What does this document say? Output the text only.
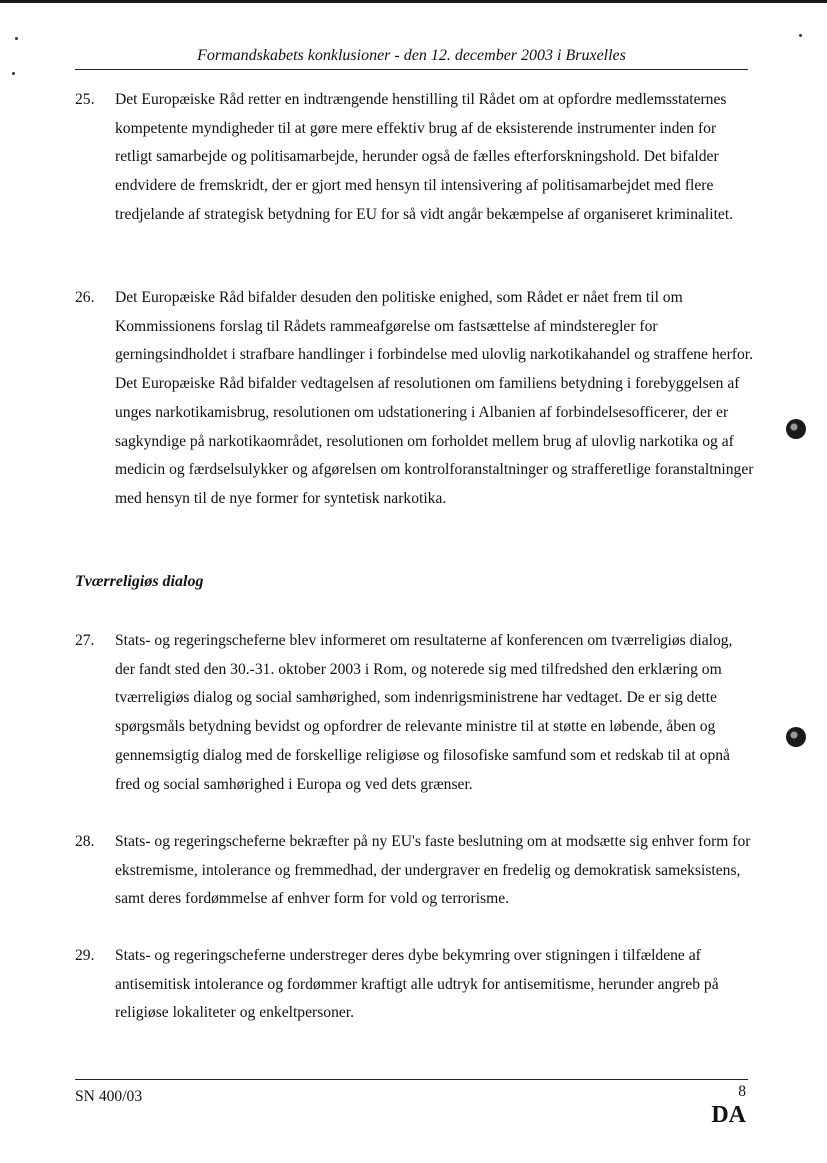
Formandskabets konklusioner - den 12. december 2003 i Bruxelles
25.	Det Europæiske Råd retter en indtrængende henstilling til Rådet om at opfordre medlemsstaternes kompetente myndigheder til at gøre mere effektiv brug af de eksisterende instrumenter inden for retligt samarbejde og politisamarbejde, herunder også de fælles efterforskningshold. Det bifalder endvidere de fremskridt, der er gjort med hensyn til intensivering af politisamarbejdet med flere tredjelande af strategisk betydning for EU for så vidt angår bekæmpelse af organiseret kriminalitet.
26.	Det Europæiske Råd bifalder desuden den politiske enighed, som Rådet er nået frem til om Kommissionens forslag til Rådets rammeafgørelse om fastsættelse af mindsteregler for gerningsindholdet i strafbare handlinger i forbindelse med ulovlig narkotikahandel og straffene herfor. Det Europæiske Råd bifalder vedtagelsen af resolutionen om familiens betydning i forebyggelsen af unges narkotikamisbrug, resolutionen om udstationering i Albanien af forbindelsesofficerer, der er sagkyndige på narkotikaområdet, resolutionen om forholdet mellem brug af ulovlig narkotika og af medicin og færdselsulykker og afgørelsen om kontrolforanstaltninger og strafferetlige foranstaltninger med hensyn til de nye former for syntetisk narkotika.
Tværreligiøs dialog
27.	Stats- og regeringscheferne blev informeret om resultaterne af konferencen om tværreligiøs dialog, der fandt sted den 30.-31. oktober 2003 i Rom, og noterede sig med tilfredshed den erklæring om tværreligiøs dialog og social samhørighed, som indenrigsministrene har vedtaget. De er sig dette spørgsmåls betydning bevidst og opfordrer de relevante ministre til at støtte en løbende, åben og gennemsigtig dialog med de forskellige religiøse og filosofiske samfund som et redskab til at opnå fred og social samhørighed i Europa og ved dets grænser.
28.	Stats- og regeringscheferne bekræfter på ny EU's faste beslutning om at modsætte sig enhver form for ekstremisme, intolerance og fremmedhad, der undergraver en fredelig og demokratisk sameksistens, samt deres fordømmelse af enhver form for vold og terrorisme.
29.	Stats- og regeringscheferne understreger deres dybe bekymring over stigningen i tilfældene af antisemitisk intolerance og fordømmer kraftigt alle udtryk for antisemitisme, herunder angreb på religiøse lokaliteter og enkeltpersoner.
SN 400/03	8
DA
